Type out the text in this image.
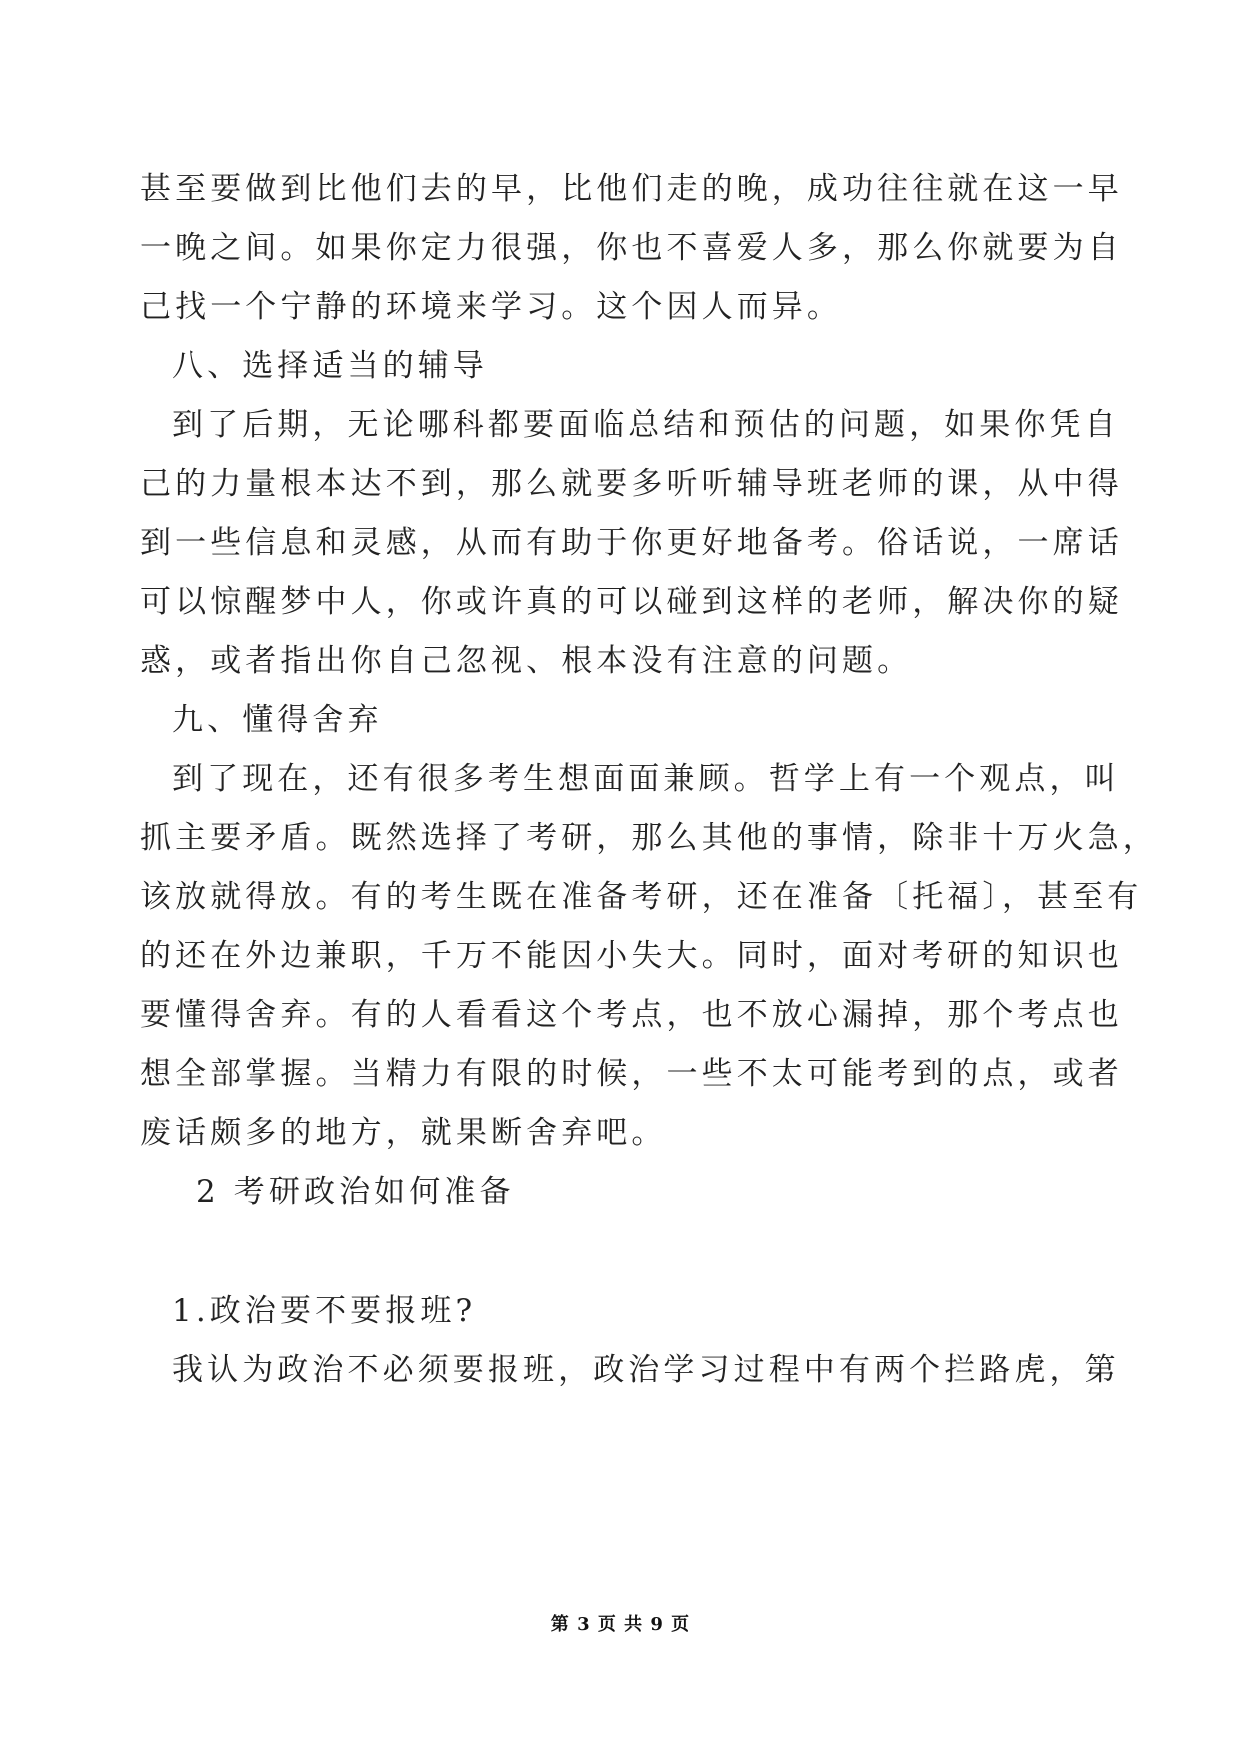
甚至要做到比他们去的早，比他们走的晚，成功往往就在这一早
一晚之间。如果你定力很强，你也不喜爱人多，那么你就要为自
己找一个宁静的环境来学习。这个因人而异。
八、选择适当的辅导
到了后期，无论哪科都要面临总结和预估的问题，如果你凭自
己的力量根本达不到，那么就要多听听辅导班老师的课，从中得
到一些信息和灵感，从而有助于你更好地备考。俗话说，一席话
可以惊醒梦中人，你或许真的可以碰到这样的老师，解决你的疑
惑，或者指出你自己忽视、根本没有注意的问题。
九、懂得舍弃
到了现在，还有很多考生想面面兼顾。哲学上有一个观点，叫
抓主要矛盾。既然选择了考研，那么其他的事情，除非十万火急，
该放就得放。有的考生既在准备考研，还在准备〔托福〕，甚至有
的还在外边兼职，千万不能因小失大。同时，面对考研的知识也
要懂得舍弃。有的人看看这个考点，也不放心漏掉，那个考点也
想全部掌握。当精力有限的时候，一些不太可能考到的点，或者
废话颇多的地方，就果断舍弃吧。
2 考研政治如何准备
1.政治要不要报班?
我认为政治不必须要报班，政治学习过程中有两个拦路虎，第
第 3 页 共 9 页
